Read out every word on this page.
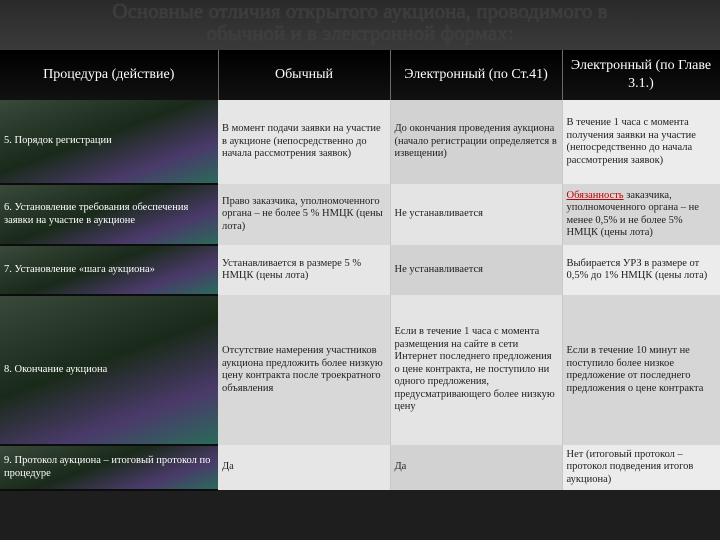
Основные отличия открытого аукциона, проводимого в
обычной и в электронной формах:
Процедура (действие)	Обычный	Электронный (по Ст.41)	Электронный (по Главе 3.1.)
5. Порядок регистрации	В момент подачи заявки на участие в аукционе (непосредственно до начала рассмотрения заявок)	До окончания проведения аукциона (начало регистрации определяется в извещении)	В течение 1 часа с момента получения заявки на участие (непосредственно до начала рассмотрения заявок)
6. Установление требования обеспечения заявки на участие в аукционе	Право заказчика, уполномоченного органа – не более 5 % НМЦК (цены лота)	Не устанавливается	Обязанность заказчика, уполномоченного органа – не менее 0,5% и не более 5% НМЦК (цены лота)
7. Установление «шага аукциона»	Устанавливается в размере 5 % НМЦК (цены лота)	Не устанавливается	Выбирается УРЗ в размере от 0,5% до 1% НМЦК (цены лота)
8. Окончание аукциона	Отсутствие намерения участников аукциона предложить более низкую цену контракта после троекратного объявления	Если в течение 1 часа с момента размещения на сайте в сети Интернет последнего предложения о цене контракта, не поступило ни одного предложения, предусматривающего более низкую цену	Если в течение 10 минут не поступило более низкое предложение от последнего предложения о цене контракта
9. Протокол аукциона – итоговый протокол по процедуре	Да	Да	Нет (итоговый протокол – протокол подведения итогов аукциона)
